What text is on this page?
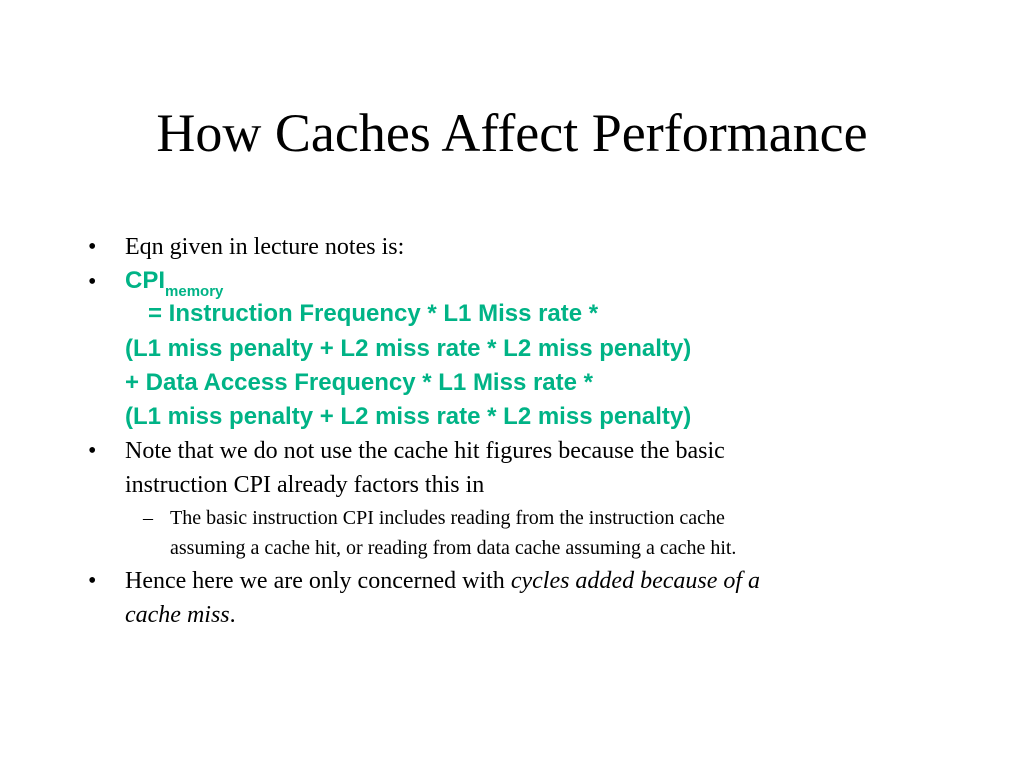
How Caches Affect Performance
• Eqn given in lecture notes is:
• $CPI_{memory}$
= Instruction Frequency * L1 Miss rate *
(L1 miss penalty + L2 miss rate * L2 miss penalty)
+ Data Access Frequency * L1 Miss rate *
(L1 miss penalty + L2 miss rate * L2 miss penalty)
• Note that we do not use the cache hit figures because the basic
instruction CPI already factors this in
– The basic instruction CPI includes reading from the instruction cache
assuming a cache hit, or reading from data cache assuming a cache hit.
• Hence here we are only concerned with cycles added because of a
cache miss.
